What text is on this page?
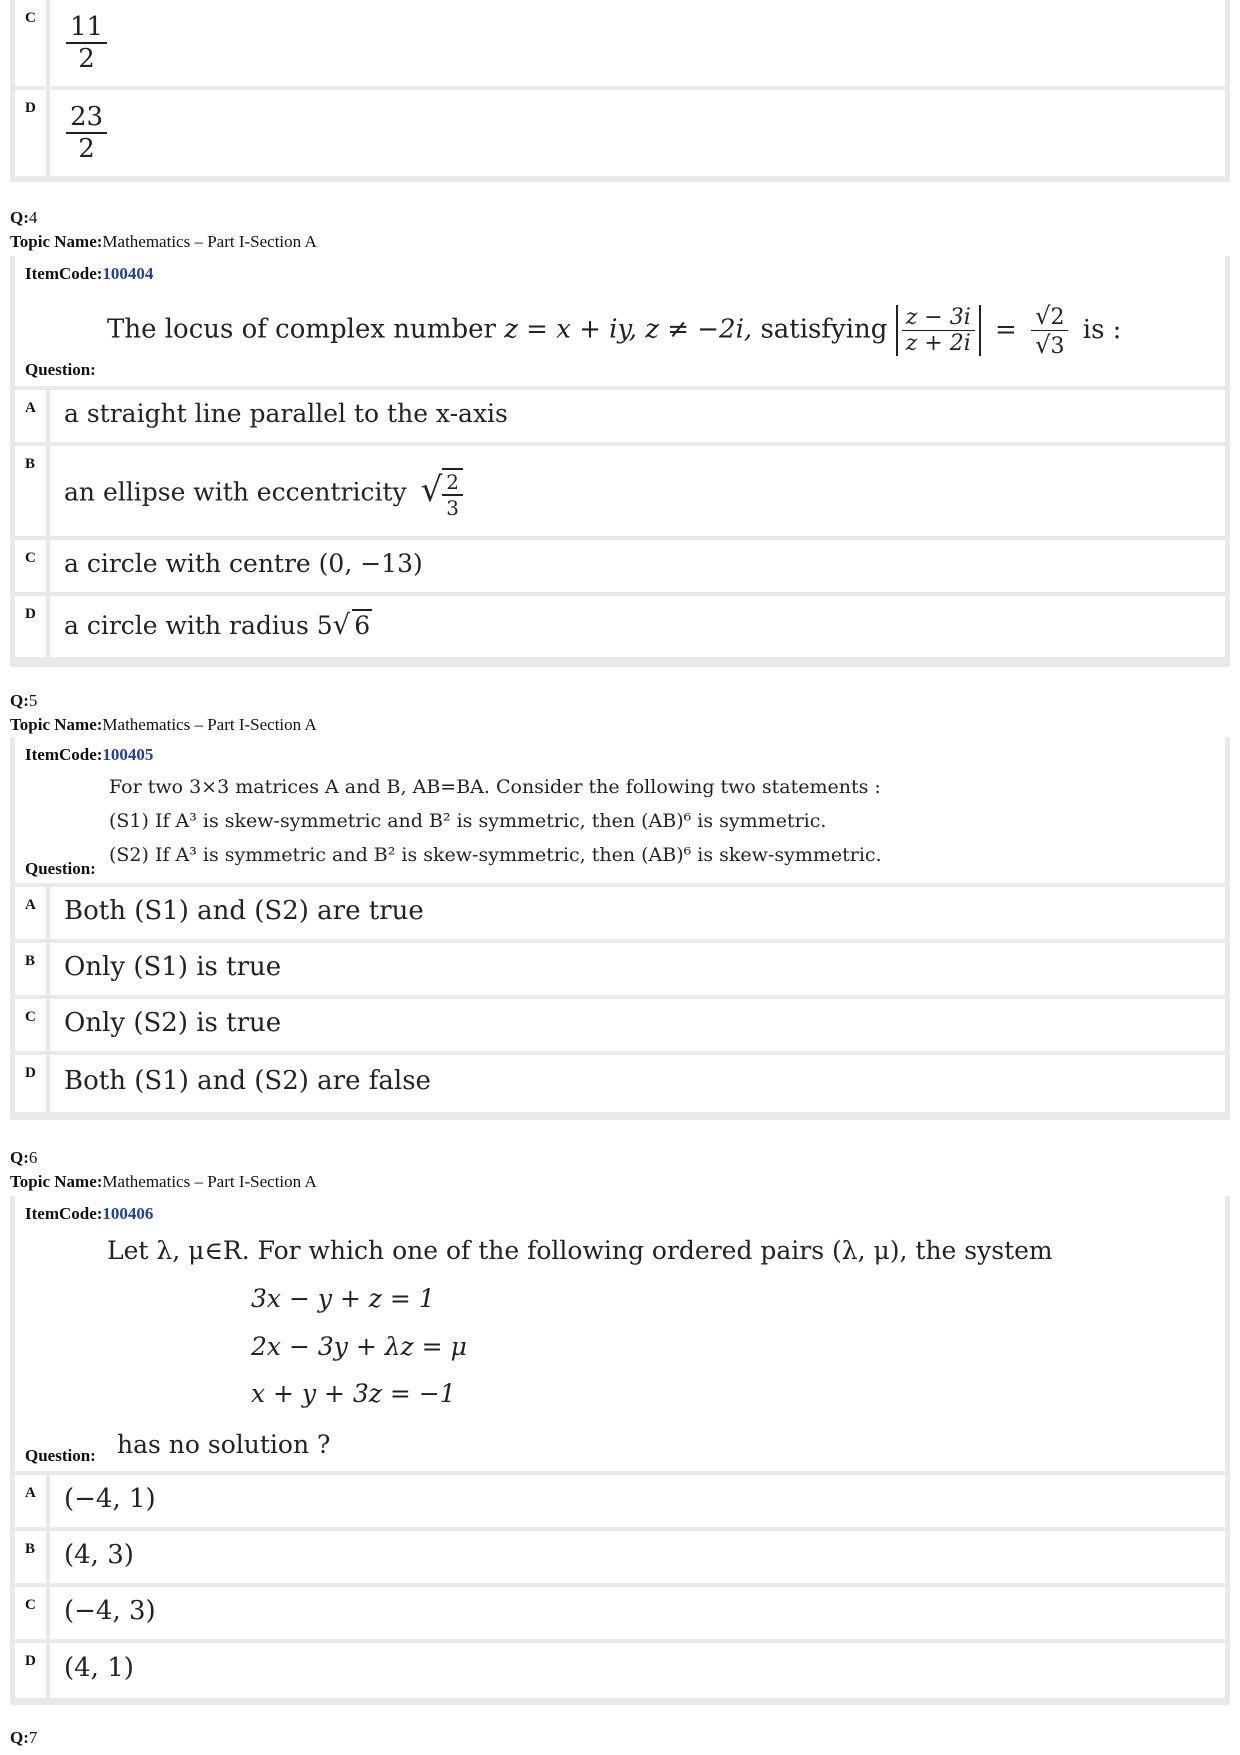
C $\frac{11}{2}$
D $\frac{23}{2}$
Q:4
Topic Name:Mathematics – Part I-Section A
ItemCode:100404
The locus of complex number z = x + iy, z ≠ −2i, satisfying $\frac{z - 3i}{z + 2i} = \frac{√2}{√3}$ is :
Question:
A a straight line parallel to the x-axis
B
an ellipse with eccentricity √ $\frac{2}{3}$
C a circle with centre (0, −13)
D a circle with radius 5√ 6
Q:5
Topic Name:Mathematics – Part I-Section A
ItemCode:100405
For two 3×3 matrices A and B, AB=BA. Consider the following two statements :
(S1) If A³ is skew-symmetric and B² is symmetric, then (AB)⁶ is symmetric.
(S2) If A³ is symmetric and B² is skew-symmetric, then (AB)⁶ is skew-symmetric.
Question:
A Both (S1) and (S2) are true
B Only (S1) is true
C Only (S2) is true
D Both (S1) and (S2) are false
Q:6
Topic Name:Mathematics – Part I-Section A
ItemCode:100406
Let λ, μ∈R. For which one of the following ordered pairs (λ, μ), the system
3x − y + z = 1
2x − 3y + λz = μ
x + y + 3z = −1
Question: has no solution ?
A (−4, 1)
B (4, 3)
C (−4, 3)
D (4, 1)
Q:7
